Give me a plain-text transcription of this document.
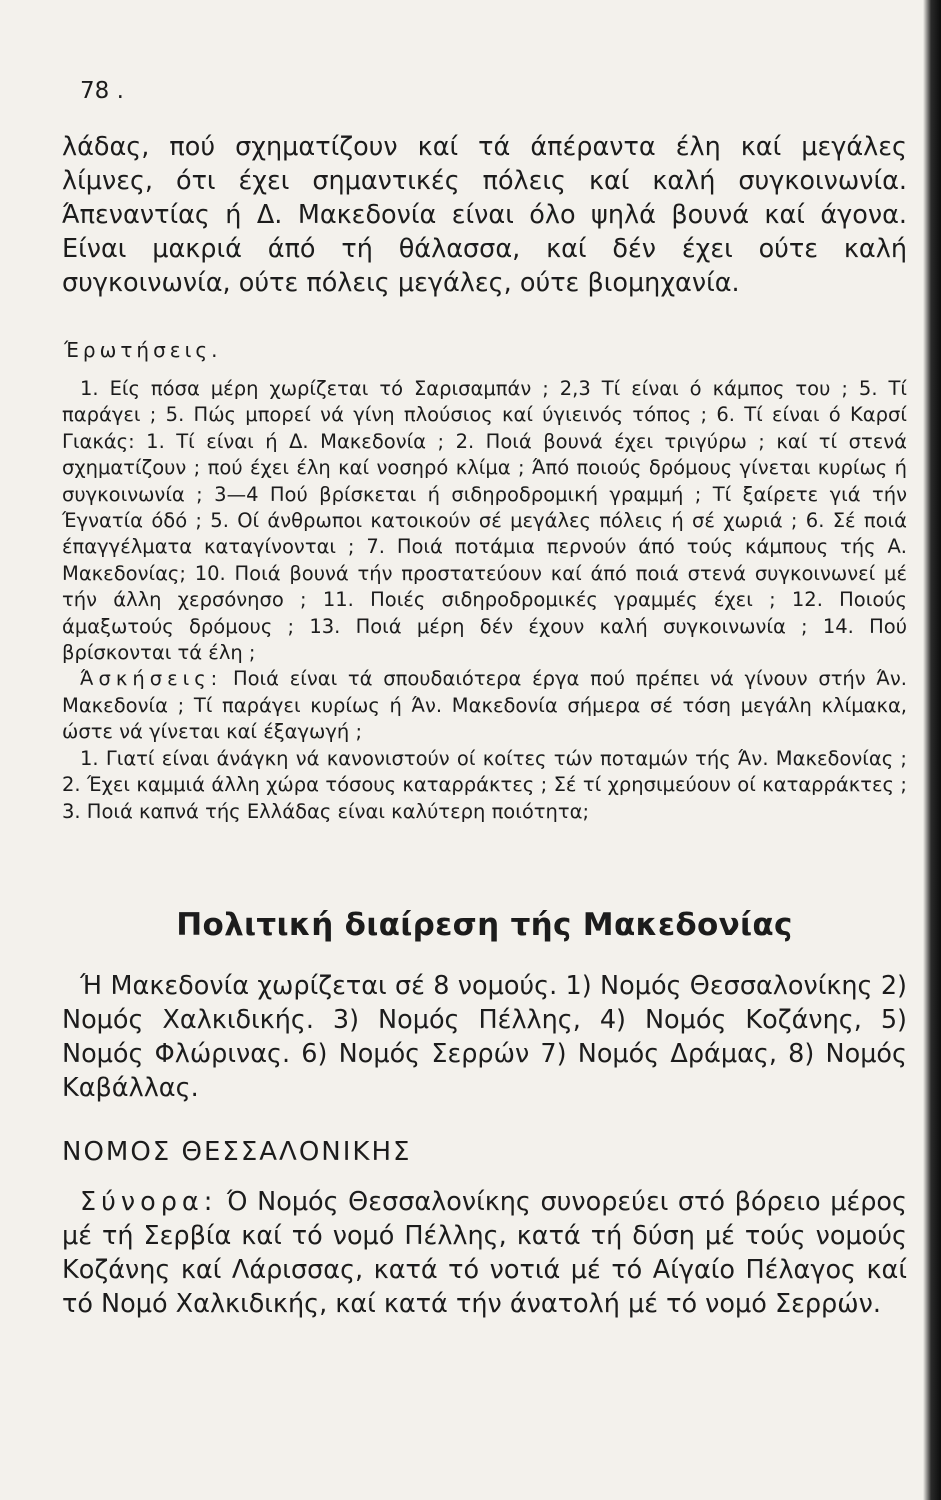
78 .

λάδας, πού σχηματίζουν καί τά άπέραντα έλη καί μεγάλες λίμνες, ότι έχει σημαντικές πόλεις καί καλή συγκοινωνία. Άπεναντίας ή Δ. Μακεδονία είναι όλο ψηλά βουνά καί άγονα. Είναι μακριά άπό τή θάλασσα, καί δέν έχει ούτε καλή συγκοινωνία, ούτε πόλεις μεγάλες, ούτε βιομηχανία.

Έρωτήσεις.

1. Είς πόσα μέρη χωρίζεται τό Σαρισαμπάν ; 2,3 Τί είναι ό κάμπος του ; 5. Τί παράγει ; 5. Πώς μπορεί νά γίνη πλούσιος καί ύγιεινός τόπος ; 6. Τί είναι ό Καρσί Γιακάς: 1. Τί είναι ή Δ. Μακεδονία ; 2. Ποιά βουνά έχει τριγύρω ; καί τί στενά σχηματίζουν ; πού έχει έλη καί νοσηρό κλίμα ; Άπό ποιούς δρόμους γίνεται κυρίως ή συγκοινωνία ; 3—4 Πού βρίσκεται ή σιδηροδρομική γραμμή ; Τί ξαίρετε γιά τήν Έγνατία όδό ; 5. Οί άνθρωποι κατοικούν σέ μεγάλες πόλεις ή σέ χωριά ; 6. Σέ ποιά έπαγγέλματα καταγίνονται ; 7. Ποιά ποτάμια περνούν άπό τούς κάμπους τής Α. Μακεδονίας; 10. Ποιά βουνά τήν προστατεύουν καί άπό ποιά στενά συγκοινωνεί μέ τήν άλλη χερσόνησο ; 11. Ποιές σιδηροδρομικές γραμμές έχει ; 12. Ποιούς άμαξωτούς δρόμους ; 13. Ποιά μέρη δέν έχουν καλή συγκοινωνία ; 14. Πού βρίσκονται τά έλη ;

Άσκήσεις: Ποιά είναι τά σπουδαιότερα έργα πού πρέπει νά γίνουν στήν Άν. Μακεδονία ; Τί παράγει κυρίως ή Άν. Μακεδονία σήμερα σέ τόση μεγάλη κλίμακα, ώστε νά γίνεται καί έξαγωγή ;

1. Γιατί είναι άνάγκη νά κανονιστούν οί κοίτες τών ποταμών τής Άν. Μακεδονίας ; 2. Έχει καμμιά άλλη χώρα τόσους καταρράκτες ; Σέ τί χρησιμεύουν οί καταρράκτες ; 3. Ποιά καπνά τής Ελλάδας είναι καλύτερη ποιότητα;

Πολιτική διαίρεση τής Μακεδονίας

Ή Μακεδονία χωρίζεται σέ 8 νομούς. 1) Νομός Θεσσαλονίκης 2) Νομός Χαλκιδικής. 3) Νομός Πέλλης, 4) Νομός Κοζάνης, 5) Νομός Φλώρινας. 6) Νομός Σερρών 7) Νομός Δράμας, 8) Νομός Καβάλλας.

ΝΟΜΟΣ ΘΕΣΣΑΛΟΝΙΚΗΣ

Σύνορα: Ό Νομός Θεσσαλονίκης συνορεύει στό βόρειο μέρος μέ τή Σερβία καί τό νομό Πέλλης, κατά τή δύση μέ τούς νομούς Κοζάνης καί Λάρισσας, κατά τό νοτιά μέ τό Αίγαίο Πέλαγος καί τό Νομό Χαλκιδικής, καί κατά τήν άνατολή μέ τό νομό Σερρών.
